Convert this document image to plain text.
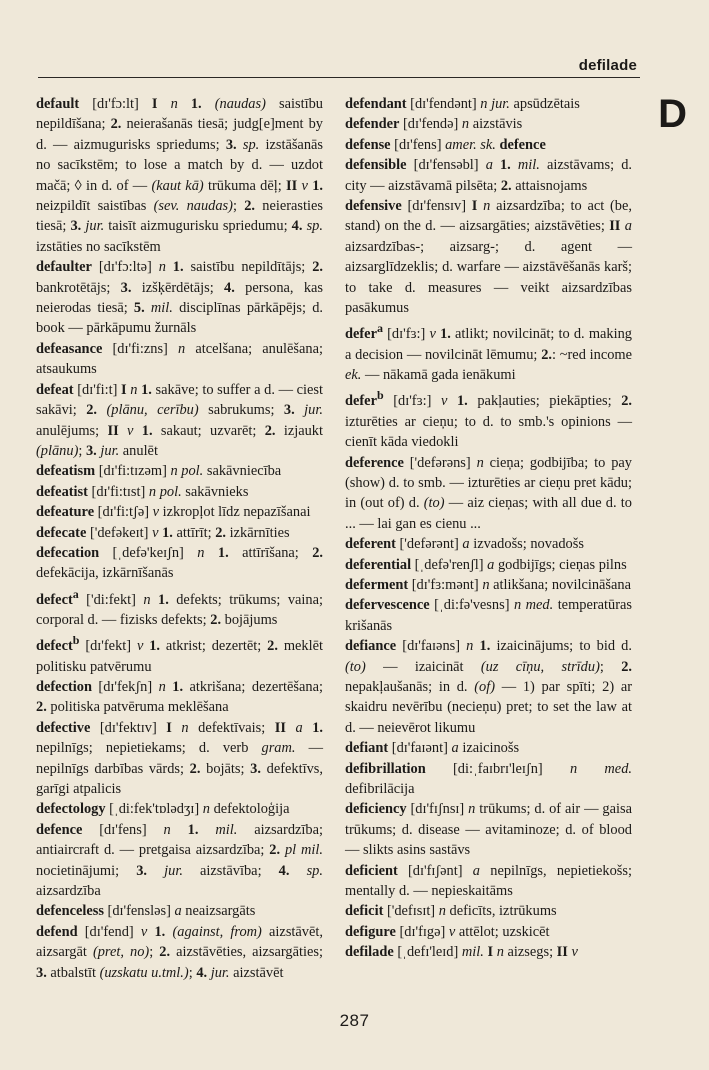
defilade
D

default [dɪ'fɔ:lt] I n 1. (naudas) saistību nepildīšana; 2. neierašanās tiesā; judg[e]ment by d. — aizmugurisks spriedums; 3. sp. izstāšanās no sacīkstēm; to lose a match by d. — uzdot mačā; ◊ in d. of — (kaut kā) trūkuma dēļ; II v 1. neizpildīt saistības (sev. naudas); 2. neierasties tiesā; 3. jur. taisīt aizmugurisku spriedumu; 4. sp. izstāties no sacīkstēm

defaulter [dɪ'fɔ:ltə] n 1. saistību nepildītājs; 2. bankrotētājs; 3. izšķērdētājs; 4. persona, kas neierodas tiesā; 5. mil. disciplīnas pārkāpējs; d. book — pārkāpumu žurnāls

defeasance [dɪ'fi:zns] n atcelšana; anulēšana; atsaukums

defeat [dɪ'fi:t] I n 1. sakāve; to suffer a d. — ciest sakāvi; 2. (plānu, cerību) sabrukums; 3. jur. anulējums; II v 1. sakaut; uzvarēt; 2. izjaukt (plānu); 3. jur. anulēt

defeatism [dɪ'fi:tɪzəm] n pol. sakāvniecība

defeatist [dɪ'fi:tɪst] n pol. sakāvnieks

defeature [dɪ'fi:tʃə] v izkropļot līdz nepazīšanai

defecate ['defəkeɪt] v 1. attīrīt; 2. izkārnīties

defecation [ˌdefə'keɪʃn] n 1. attīrīšana; 2. defekācija, izkārnīšanās

defect$^a$ ['di:fekt] n 1. defekts; trūkums; vaina; corporal d. — fizisks defekts; 2. bojājums

defect$^b$ [dɪ'fekt] v 1. atkrist; dezertēt; 2. meklēt politisku patvērumu

defection [dɪ'fekʃn] n 1. atkrišana; dezertēšana; 2. politiska patvēruma meklēšana

defective [dɪ'fektɪv] I n defektīvais; II a 1. nepilnīgs; nepietiekams; d. verb gram. — nepilnīgs darbības vārds; 2. bojāts; 3. defektīvs, garīgi atpalicis

defectology [ˌdi:fek'tɒlədʒɪ] n defektoloģija

defence [dɪ'fens] n 1. mil. aizsardzība; antiaircraft d. — pretgaisa aizsardzība; 2. pl mil. nocietinājumi; 3. jur. aizstāvība; 4. sp. aizsardzība

defenceless [dɪ'fensləs] a neaizsargāts

defend [dɪ'fend] v 1. (against, from) aizstāvēt, aizsargāt (pret, no); 2. aizstāvēties, aizsargāties; 3. atbalstīt (uzskatu u.tml.); 4. jur. aizstāvēt

defendant [dɪ'fendənt] n jur. apsūdzētais

defender [dɪ'fendə] n aizstāvis

defense [dɪ'fens] amer. sk. defence

defensible [dɪ'fensəbl] a 1. mil. aizstāvams; d. city — aizstāvamā pilsēta; 2. attaisnojams

defensive [dɪ'fensɪv] I n aizsardzība; to act (be, stand) on the d. — aizsargāties; aizstāvēties; II a aizsardzības-; aizsarg-; d. agent — aizsarglīdzeklis; d. warfare — aizstāvēšanās karš; to take d. measures — veikt aizsardzības pasākumus

defer$^a$ [dɪ'fɜ:] v 1. atlikt; novilcināt; to d. making a decision — novilcināt lēmumu; 2.: ~red income ek. — nākamā gada ienākumi

defer$^b$ [dɪ'fɜ:] v 1. pakļauties; piekāpties; 2. izturēties ar cieņu; to d. to smb.'s opinions — cienīt kāda viedokli

deference ['defərəns] n cieņa; godbijība; to pay (show) d. to smb. — izturēties ar cieņu pret kādu; in (out of) d. (to) — aiz cieņas; with all due d. to ... — lai gan es cienu ...

deferent ['defərənt] a izvadošs; novadošs

deferential [ˌdefə'renʃl] a godbijīgs; cieņas pilns

deferment [dɪ'fɜ:mənt] n atlikšana; novilcināšana

defervescence [ˌdi:fə'vesns] n med. temperatūras krišanās

defiance [dɪ'faɪəns] n 1. izaicinājums; to bid d. (to) — izaicināt (uz cīņu, strīdu); 2. nepakļaušanās; in d. (of) — 1) par spīti; 2) ar skaidru nevērību (necieņu) pret; to set the law at d. — neievērot likumu

defiant [dɪ'faɪənt] a izaicinošs

defibrillation [di:ˌfaɪbrɪ'leɪʃn] n med. defibrilācija

deficiency [dɪ'fɪʃnsɪ] n trūkums; d. of air — gaisa trūkums; d. disease — avitaminoze; d. of blood — slikts asins sastāvs

deficient [dɪ'fɪʃənt] a nepilnīgs, nepietiekošs; mentally d. — nepieskaitāms

deficit ['defɪsɪt] n deficīts, iztrūkums

defigure [dɪ'fɪgə] v attēlot; uzskicēt

defilade [ˌdefɪ'leɪd] mil. I n aizsegs; II v

287
